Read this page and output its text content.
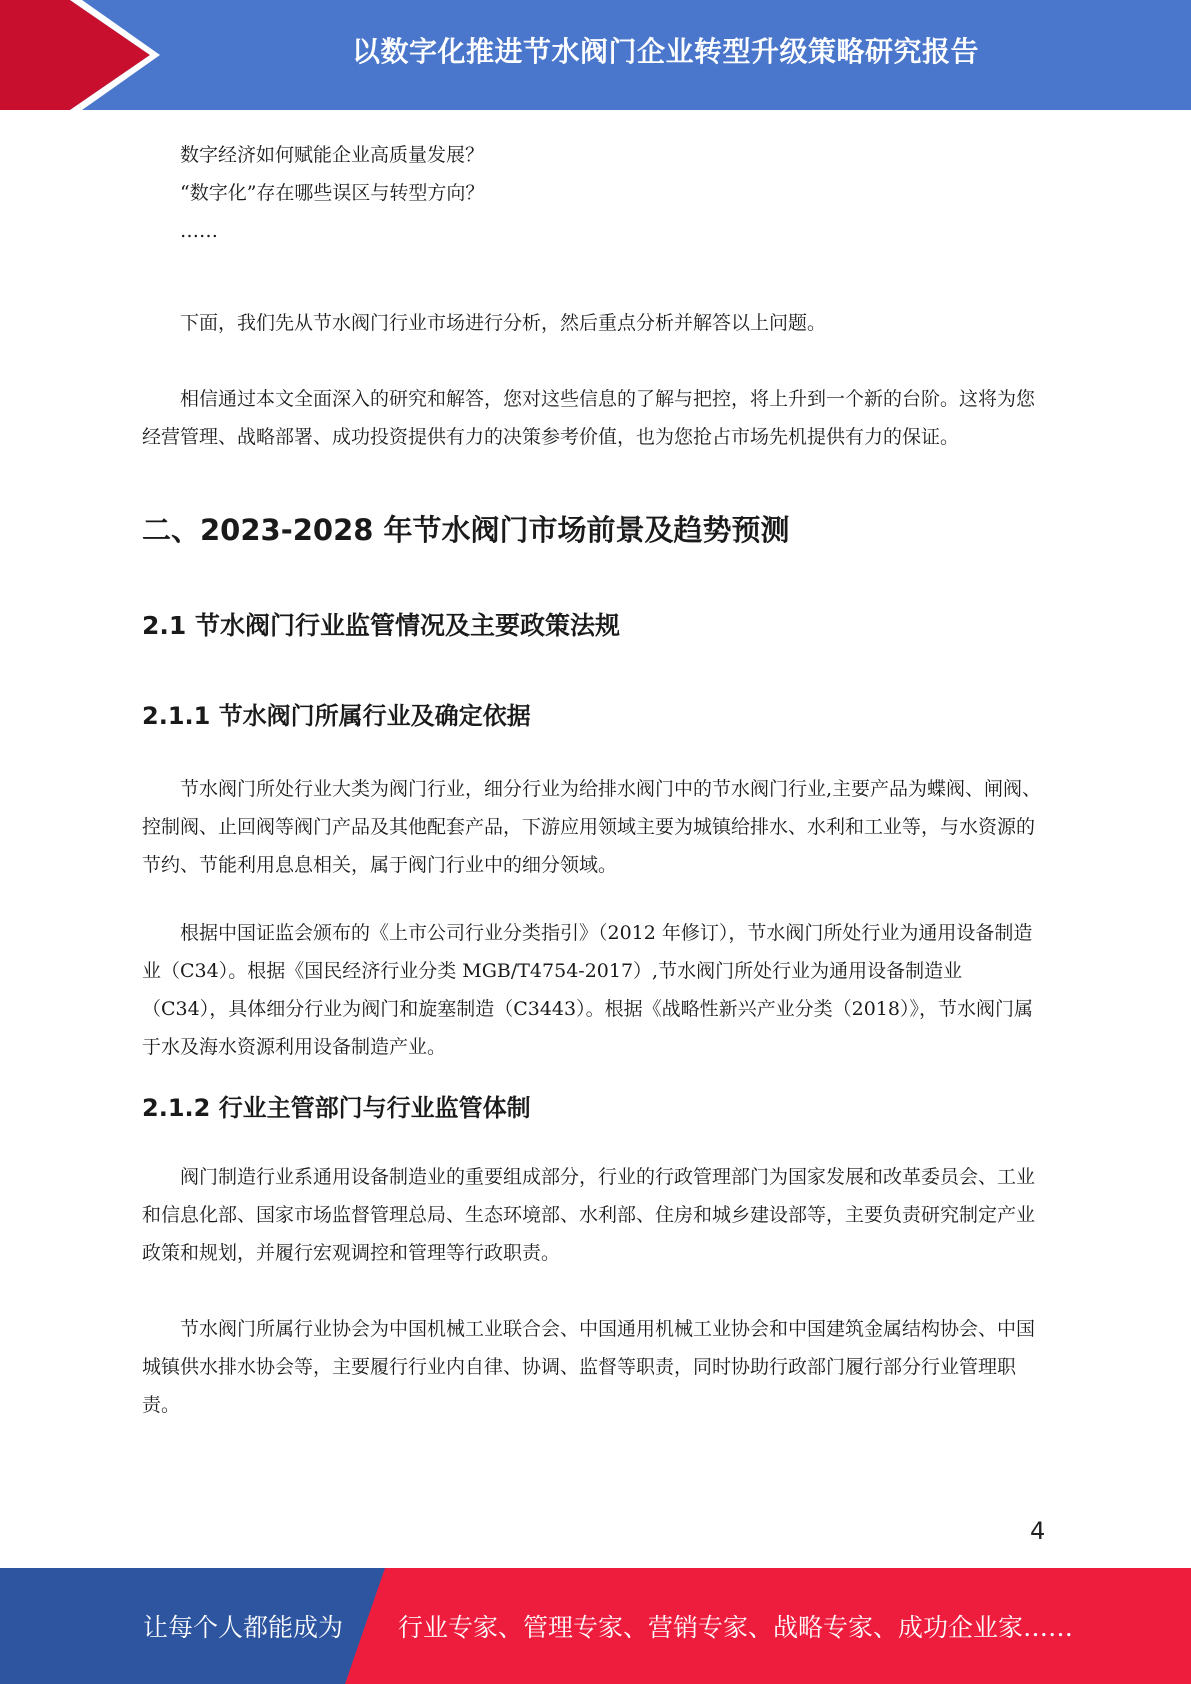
以数字化推进节水阀门企业转型升级策略研究报告
数字经济如何赋能企业高质量发展？
“数字化”存在哪些误区与转型方向？
……

下面，我们先从节水阀门行业市场进行分析，然后重点分析并解答以上问题。

相信通过本文全面深入的研究和解答，您对这些信息的了解与把控，将上升到一个新的台阶。这将为您经营管理、战略部署、成功投资提供有力的决策参考价值，也为您抢占市场先机提供有力的保证。

二、2023-2028 年节水阀门市场前景及趋势预测
2.1 节水阀门行业监管情况及主要政策法规
2.1.1 节水阀门所属行业及确定依据

节水阀门所处行业大类为阀门行业，细分行业为给排水阀门中的节水阀门行业,主要产品为蝶阀、闸阀、控制阀、止回阀等阀门产品及其他配套产品，下游应用领域主要为城镇给排水、水利和工业等，与水资源的节约、节能利用息息相关，属于阀门行业中的细分领域。

根据中国证监会颁布的《上市公司行业分类指引》（2012 年修订），节水阀门所处行业为通用设备制造业（C34）。根据《国民经济行业分类 MGB/T4754-2017）,节水阀门所处行业为通用设备制造业（C34），具体细分行业为阀门和旋塞制造（C3443）。根据《战略性新兴产业分类（2018）》，节水阀门属于水及海水资源利用设备制造产业。

2.1.2 行业主管部门与行业监管体制

阀门制造行业系通用设备制造业的重要组成部分，行业的行政管理部门为国家发展和改革委员会、工业和信息化部、国家市场监督管理总局、生态环境部、水利部、住房和城乡建设部等，主要负责研究制定产业政策和规划，并履行宏观调控和管理等行政职责。

节水阀门所属行业协会为中国机械工业联合会、中国通用机械工业协会和中国建筑金属结构协会、中国城镇供水排水协会等，主要履行行业内自律、协调、监督等职责，同时协助行政部门履行部分行业管理职责。

4
让每个人都能成为 行业专家、管理专家、营销专家、战略专家、成功企业家……
